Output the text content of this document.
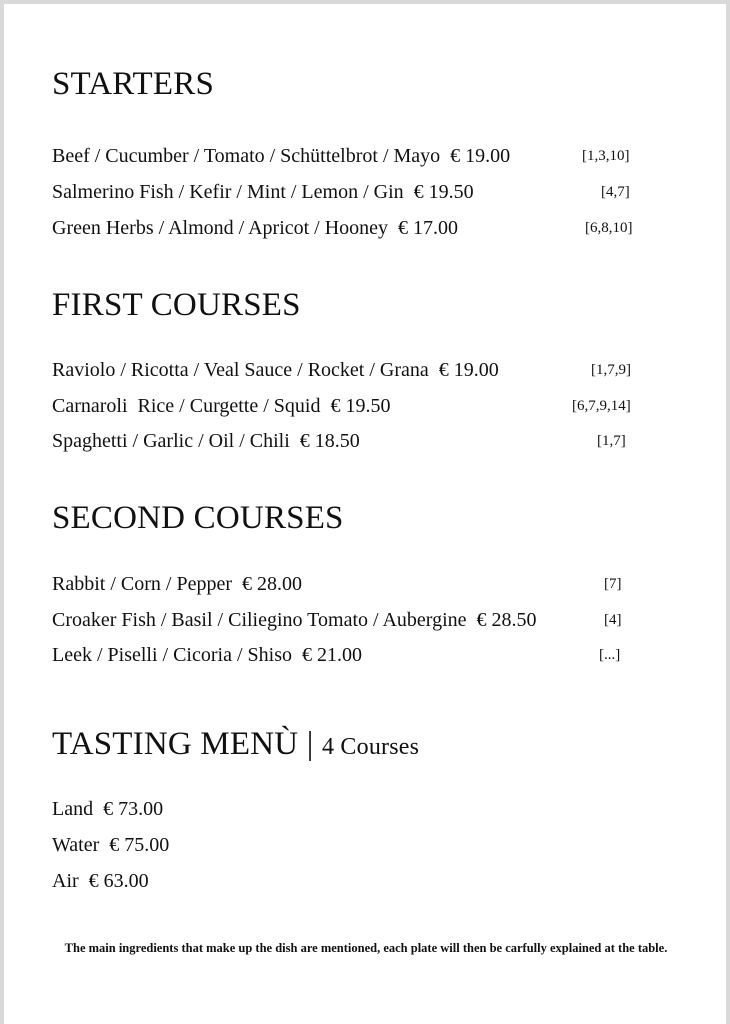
STARTERS
Beef / Cucumber / Tomato / Schüttelbrot / Mayo  € 19.00	[1,3,10]
Salmerino Fish / Kefir / Mint / Lemon / Gin  € 19.50	[4,7]
Green Herbs / Almond / Apricot / Hooney  € 17.00	[6,8,10]
FIRST COURSES
Raviolo / Ricotta / Veal Sauce / Rocket / Grana  € 19.00	[1,7,9]
Carnaroli  Rice / Curgette / Squid  € 19.50	[6,7,9,14]
Spaghetti / Garlic / Oil / Chili  € 18.50	[1,7]
SECOND COURSES
Rabbit / Corn / Pepper  € 28.00	[7]
Croaker Fish / Basil / Ciliegino Tomato / Aubergine  € 28.50	[4]
Leek / Piselli / Cicoria / Shiso  € 21.00	[...]
TASTING MENÙ | 4 Courses
Land  € 73.00
Water  € 75.00
Air  € 63.00
The main ingredients that make up the dish are mentioned, each plate will then be carfully explained at the table.
